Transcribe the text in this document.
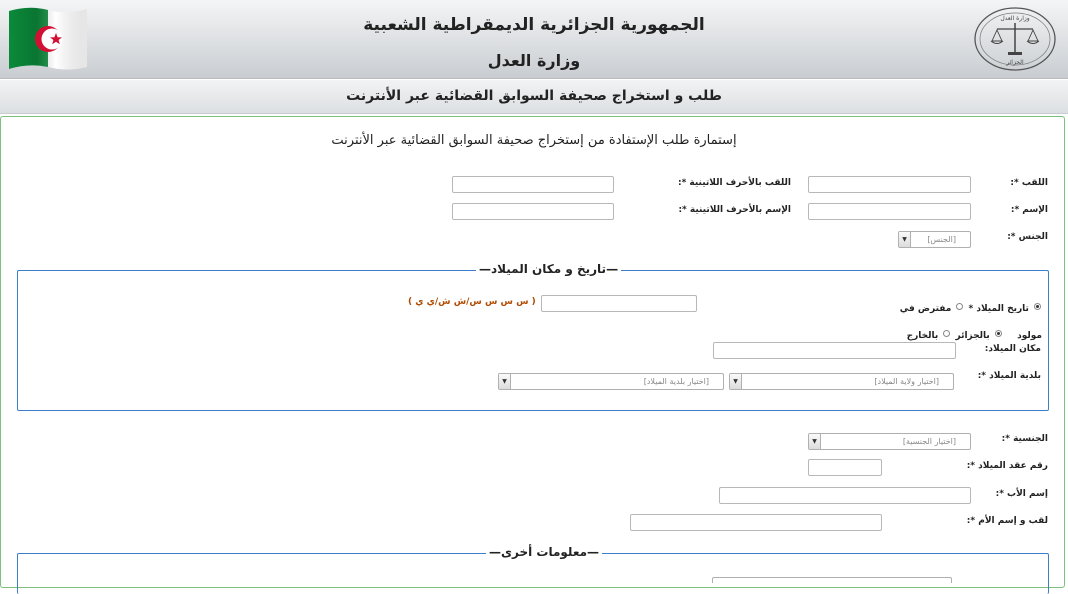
الجمهورية الجزائرية الديمقراطية الشعبية
وزارة العدل
وزارة العدل
الجزائر
طلب و استخراج صحيفة السوابق القضائية عبر الأنترنت
إستمارة طلب الإستفادة من إستخراج صحيفة السوابق القضائية عبر الأنترنت
اللقب *:
اللقب بالأحرف اللاتينية *:
الإسم *:
الإسم بالأحرف اللاتينية *:
الجنس *:
▼	[الجنس]
—تاريخ و مكان الميلاد—
تاريخ الميلاد *  مفترض في
( س س س س/ش ش/ي ي )
مولود    بالجزائر  بالخارج
مكان الميلاد:
بلدية الميلاد *:
▼	[اختيار ولاية الميلاد]
▼	[اختيار بلدية الميلاد]
الجنسية *:
▼	[اختيار الجنسية]
رقم عقد الميلاد *:
إسم الأب *:
لقب و إسم الأم *:
—معلومات أخرى—
